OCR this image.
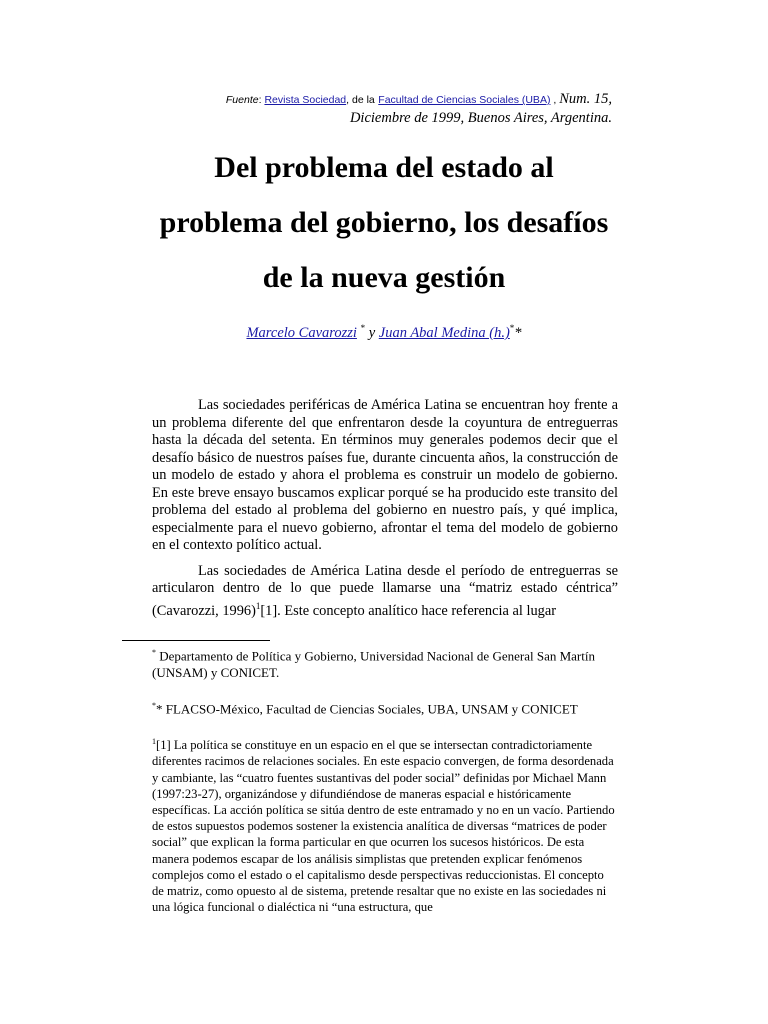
Fuente: Revista Sociedad, de la Facultad de Ciencias Sociales (UBA) , Num. 15,
Diciembre de 1999, Buenos Aires, Argentina.
Del problema del estado al
problema del gobierno, los desafíos
de la nueva gestión
Marcelo Cavarozzi * y Juan Abal Medina (h.)**

Las sociedades periféricas de América Latina se encuentran hoy frente a un problema diferente del que enfrentaron desde la coyuntura de entreguerras hasta la década del setenta. En términos muy generales podemos decir que el desafío básico de nuestros países fue, durante cincuenta años, la construcción de un modelo de estado y ahora el problema es construir un modelo de gobierno. En este breve ensayo buscamos explicar porqué se ha producido este transito del problema del estado al problema del gobierno en nuestro país, y qué implica, especialmente para el nuevo gobierno, afrontar el tema del modelo de gobierno en el contexto político actual.

Las sociedades de América Latina desde el período de entreguerras se articularon dentro de lo que puede llamarse una “matriz estado céntrica” (Cavarozzi, 1996)$^1$[1]. Este concepto analítico hace referencia al lugar

* Departamento de Política y Gobierno, Universidad Nacional de General San Martín (UNSAM) y CONICET.
** FLACSO-México, Facultad de Ciencias Sociales, UBA, UNSAM y CONICET
$^1$[1] La política se constituye en un espacio en el que se intersectan contradictoriamente diferentes racimos de relaciones sociales. En este espacio convergen, de forma desordenada y cambiante, las “cuatro fuentes sustantivas del poder social” definidas por Michael Mann (1997:23-27), organizándose y difundiéndose de maneras espacial e históricamente específicas. La acción política se sitúa dentro de este entramado y no en un vacío. Partiendo de estos supuestos podemos sostener la existencia analítica de diversas “matrices de poder social” que explican la forma particular en que ocurren los sucesos históricos. De esta manera podemos escapar de los análisis simplistas que pretenden explicar fenómenos complejos como el estado o el capitalismo desde perspectivas reduccionistas. El concepto de matriz, como opuesto al de sistema, pretende resaltar que no existe en las sociedades ni una lógica funcional o dialéctica ni “una estructura, que
